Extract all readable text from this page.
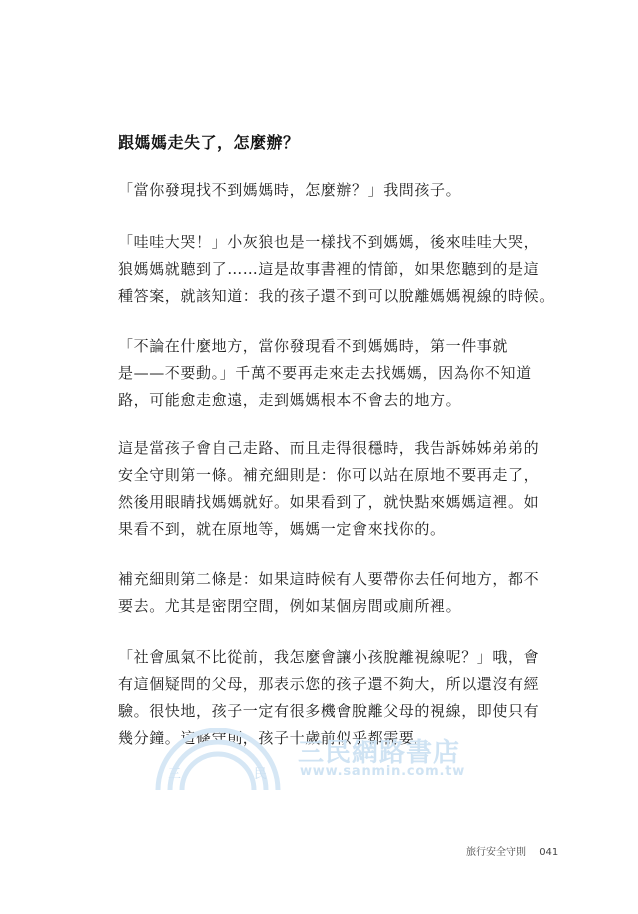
跟媽媽走失了，怎麼辦？
「當你發現找不到媽媽時，怎麼辦？」我問孩子。
「哇哇大哭！」小灰狼也是一樣找不到媽媽，後來哇哇大哭，
狼媽媽就聽到了……這是故事書裡的情節，如果您聽到的是這
種答案，就該知道：我的孩子還不到可以脫離媽媽視線的時候。
「不論在什麼地方，當你發現看不到媽媽時，第一件事就
是——不要動。」千萬不要再走來走去找媽媽，因為你不知道
路，可能愈走愈遠，走到媽媽根本不會去的地方。
這是當孩子會自己走路、而且走得很穩時，我告訴姊姊弟弟的
安全守則第一條。補充細則是：你可以站在原地不要再走了，
然後用眼睛找媽媽就好。如果看到了，就快點來媽媽這裡。如
果看不到，就在原地等，媽媽一定會來找你的。
補充細則第二條是：如果這時候有人要帶你去任何地方，都不
要去。尤其是密閉空間，例如某個房間或廁所裡。
「社會風氣不比從前，我怎麼會讓小孩脫離視線呢？」哦，會
有這個疑問的父母，那表示您的孩子還不夠大，所以還沒有經
驗。很快地，孩子一定有很多機會脫離父母的視線，即使只有
幾分鐘。這條守則，孩子十歲前似乎都需要。
三	民
三民網路書店
www.sanmin.com.tw
旅行安全守則 041
